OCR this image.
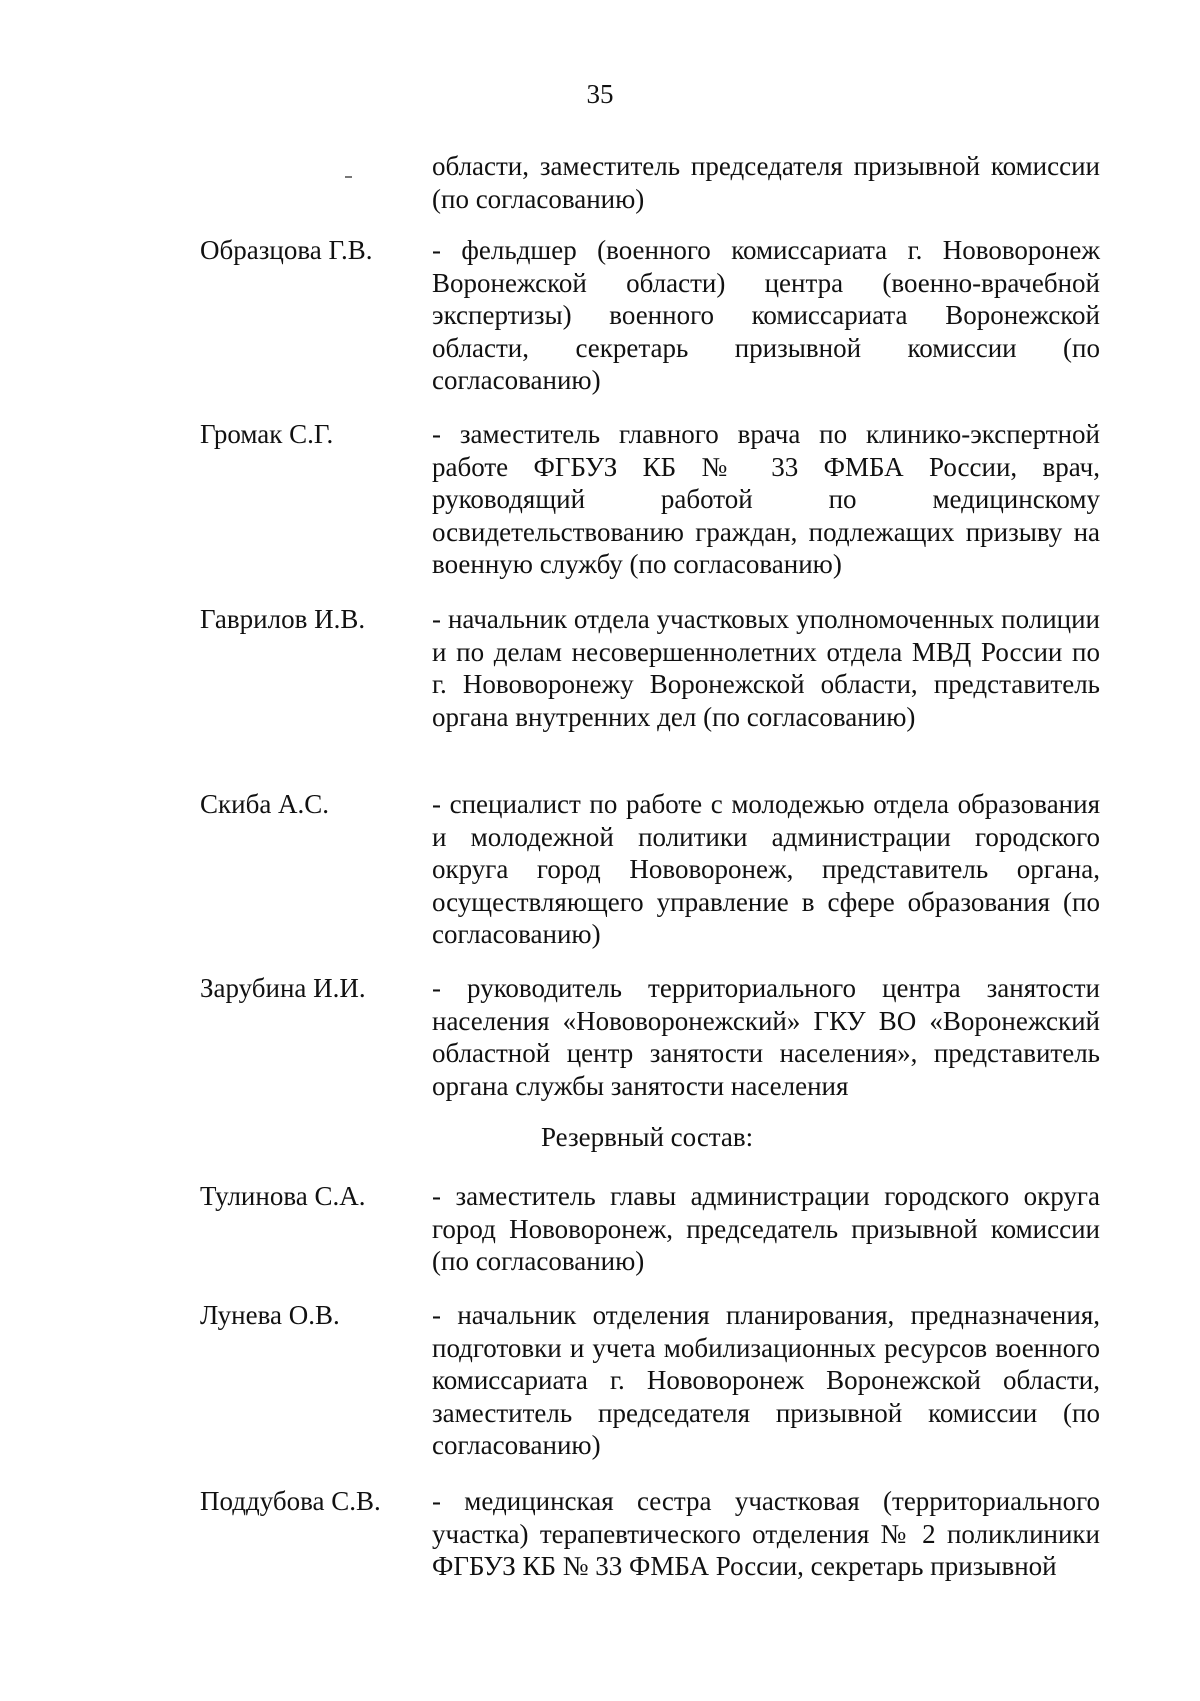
35
области, заместитель председателя призывной комиссии (по согласованию)
Образцова Г.В.	- фельдшер (военного комиссариата г. Нововоронеж Воронежской области) центра (военно-врачебной экспертизы) военного комиссариата Воронежской области, секретарь призывной комиссии (по согласованию)
Громак С.Г.	- заместитель главного врача по клинико-экспертной работе ФГБУЗ КБ № 33 ФМБА России, врач, руководящий работой по медицинскому освидетельствованию граждан, подлежащих призыву на военную службу (по согласованию)
Гаврилов И.В.	- начальник отдела участковых уполномоченных полиции и по делам несовершеннолетних отдела МВД России по г. Нововоронежу Воронежской области, представитель органа внутренних дел (по согласованию)
Скиба А.С.	- специалист по работе с молодежью отдела образования и молодежной политики администрации городского округа город Нововоронеж, представитель органа, осуществляющего управление в сфере образования (по согласованию)
Зарубина И.И.	- руководитель территориального центра занятости населения «Нововоронежский» ГКУ ВО «Воронежский областной центр занятости населения», представитель органа службы занятости населения
Резервный состав:
Тулинова С.А.	- заместитель главы администрации городского округа город Нововоронеж, председатель призывной комиссии (по согласованию)
Лунева О.В.	- начальник отделения планирования, предназначения, подготовки и учета мобилизационных ресурсов военного комиссариата г. Нововоронеж Воронежской области, заместитель председателя призывной комиссии (по согласованию)
Поддубова С.В.	- медицинская сестра участковая (территориального участка) терапевтического отделения № 2 поликлиники ФГБУЗ КБ № 33 ФМБА России, секретарь призывной
